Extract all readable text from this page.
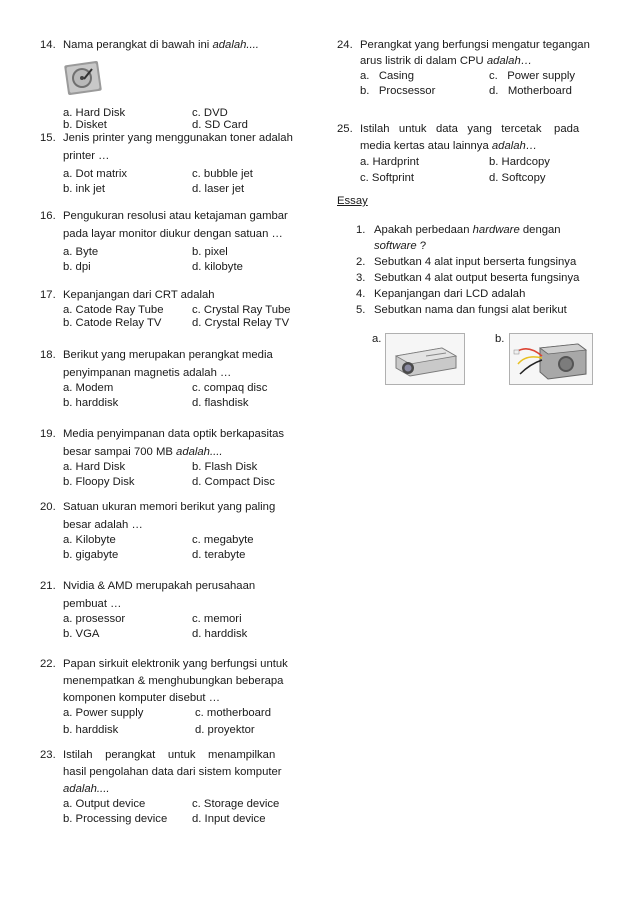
14. Nama perangkat di bawah ini adalah....
a. Hard Disk	c. DVD
b. Disket	d. SD Card
15. Jenis printer yang menggunakan toner adalah
printer …
a. Dot matrix	c. bubble jet
b. ink jet	d. laser jet
16. Pengukuran resolusi atau ketajaman gambar
pada layar monitor diukur dengan satuan …
a. Byte	b. pixel
b. dpi	d. kilobyte
17. Kepanjangan dari CRT adalah
a. Catode Ray Tube	c. Crystal Ray Tube
b. Catode Relay TV	d. Crystal Relay TV
18. Berikut yang merupakan perangkat media
penyimpanan magnetis adalah …
a. Modem	c. compaq disc
b. harddisk	d. flashdisk
19. Media penyimpanan data optik berkapasitas
besar sampai 700 MB adalah....
a. Hard Disk	b. Flash Disk
b. Floopy Disk	d. Compact Disc
20. Satuan ukuran memori berikut yang paling
besar adalah …
a. Kilobyte	c. megabyte
b. gigabyte	d. terabyte
21. Nvidia & AMD merupakah perusahaan
pembuat …
a. prosessor	c. memori
b. VGA	d. harddisk
22. Papan sirkuit elektronik yang berfungsi untuk
menempatkan & menghubungkan beberapa
komponen komputer disebut …
a. Power supply	c. motherboard
b. harddisk	d. proyektor
23. Istilah    perangkat    untuk    menampilkan
hasil pengolahan data dari sistem komputer
adalah....
a. Output device	c. Storage device
b. Processing device d. Input device
24. Perangkat yang berfungsi mengatur tegangan
arus listrik di dalam CPU adalah…
a.   Casing	c.   Power supply
b.   Procsessor	d.   Motherboard
25. Istilah   untuk   data   yang   tercetak    pada
media kertas atau lainnya adalah…
a. Hardprint	b. Hardcopy
c. Softprint	d. Softcopy
Essay
1. Apakah perbedaan hardware dengan
software ?
2. Sebutkan 4 alat input berserta fungsinya
3. Sebutkan 4 alat output beserta fungsinya
4. Kepanjangan dari LCD adalah
5. Sebutkan nama dan fungsi alat berikut
a.	b.
